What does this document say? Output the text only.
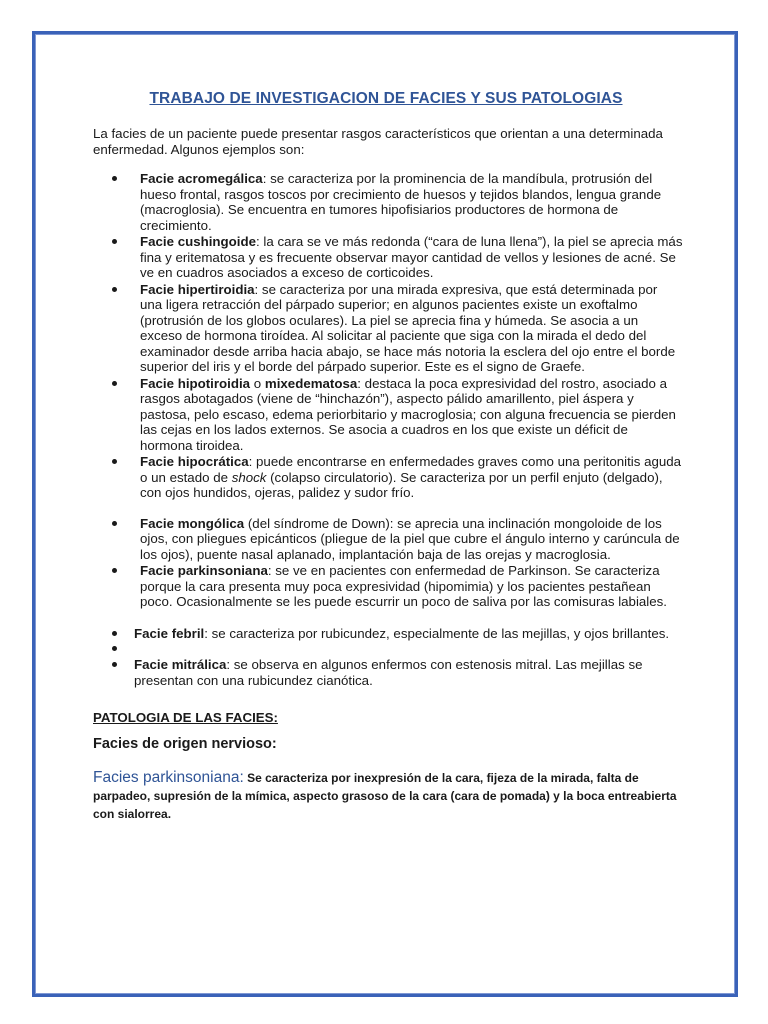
TRABAJO DE INVESTIGACION DE FACIES Y SUS PATOLOGIAS

La facies de un paciente puede presentar rasgos característicos que orientan a una determinada enfermedad. Algunos ejemplos son:

Facie acromegálica: se caracteriza por la prominencia de la mandíbula, protrusión del hueso frontal, rasgos toscos por crecimiento de huesos y tejidos blandos, lengua grande (macroglosia). Se encuentra en tumores hipofisiarios productores de hormona de crecimiento.
Facie cushingoide: la cara se ve más redonda (“cara de luna llena”), la piel se aprecia más fina y eritematosa y es frecuente observar mayor cantidad de vellos y lesiones de acné. Se ve en cuadros asociados a exceso de corticoides.
Facie hipertiroidia: se caracteriza por una mirada expresiva, que está determinada por una ligera retracción del párpado superior; en algunos pacientes existe un exoftalmo (protrusión de los globos oculares). La piel se aprecia fina y húmeda. Se asocia a un exceso de hormona tiroídea. Al solicitar al paciente que siga con la mirada el dedo del examinador desde arriba hacia abajo, se hace más notoria la esclera del ojo entre el borde superior del iris y el borde del párpado superior. Este es el signo de Graefe.
Facie hipotiroidia o mixedematosa: destaca la poca expresividad del rostro, asociado a rasgos abotagados (viene de “hinchazón”), aspecto pálido amarillento, piel áspera y pastosa, pelo escaso, edema periorbitario y macroglosia; con alguna frecuencia se pierden las cejas en los lados externos. Se asocia a cuadros en los que existe un déficit de hormona tiroidea.
Facie hipocrática: puede encontrarse en enfermedades graves como una peritonitis aguda o un estado de shock (colapso circulatorio). Se caracteriza por un perfil enjuto (delgado), con ojos hundidos, ojeras, palidez y sudor frío.
Facie mongólica (del síndrome de Down): se aprecia una inclinación mongoloide de los ojos, con pliegues epicánticos (pliegue de la piel que cubre el ángulo interno y carúncula de los ojos), puente nasal aplanado, implantación baja de las orejas y macroglosia.
Facie parkinsoniana: se ve en pacientes con enfermedad de Parkinson. Se caracteriza porque la cara presenta muy poca expresividad (hipomimia) y los pacientes pestañean poco. Ocasionalmente se les puede escurrir un poco de saliva por las comisuras labiales.
Facie febril: se caracteriza por rubicundez, especialmente de las mejillas, y ojos brillantes.
Facie mitrálica: se observa en algunos enfermos con estenosis mitral. Las mejillas se presentan con una rubicundez cianótica.
PATOLOGIA DE LAS FACIES:
Facies de origen nervioso:

Facies parkinsoniana: Se caracteriza por inexpresión de la cara, fijeza de la mirada, falta de parpadeo, supresión de la mímica, aspecto grasoso de la cara (cara de pomada) y la boca entreabierta con sialorrea.
